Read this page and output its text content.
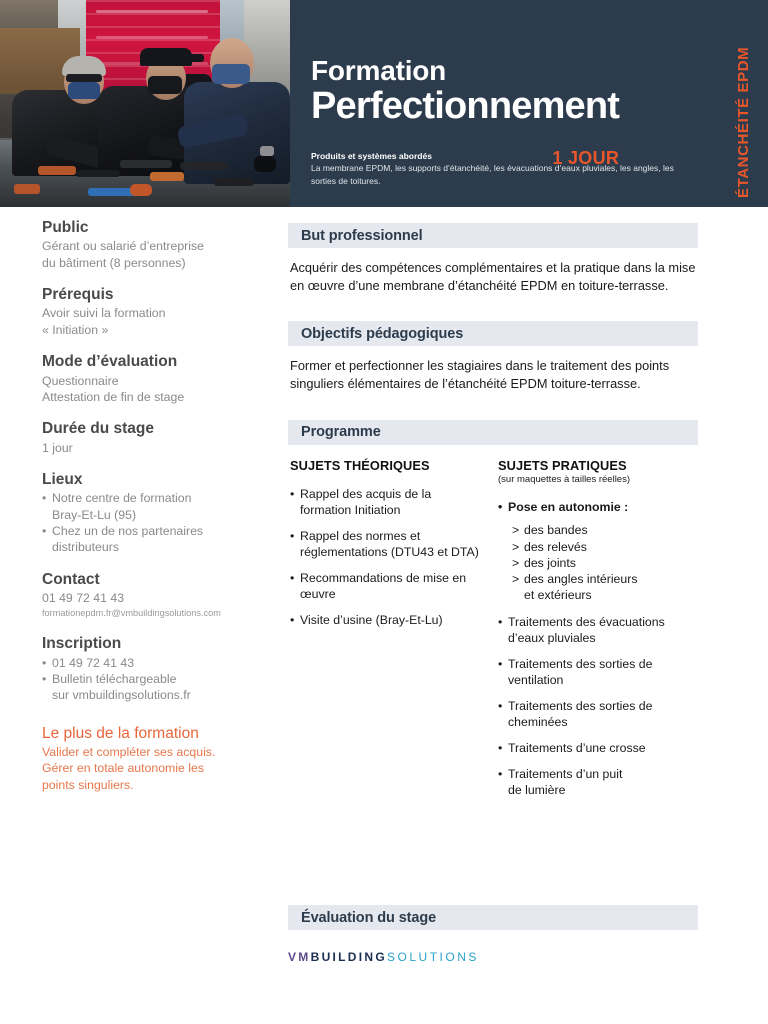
Formation
Perfectionnement
1 JOUR
Produits et systèmes abordés
La membrane EPDM, les supports d’étanchéité, les évacuations d’eaux pluviales, les angles, les sorties de toitures.	ÉTANCHÉITÉ EPDM
Public
Gérant ou salarié d’entreprise
du bâtiment (8 personnes)
Prérequis
Avoir suivi la formation
« Initiation »
Mode d’évaluation
Questionnaire
Attestation de fin de stage
Durée du stage
1 jour
Lieux
• Notre centre de formation
Bray-Et-Lu (95)
• Chez un de nos partenaires
distributeurs
Contact
01 49 72 41 43
formationepdm.fr@vmbuildingsolutions.com
Inscription
• 01 49 72 41 43
• Bulletin téléchargeable
sur vmbuildingsolutions.fr
Le plus de la formation
Valider et compléter ses acquis.
Gérer en totale autonomie les
points singuliers.
But professionnel
Acquérir des compétences complémentaires et la pratique dans la mise en œuvre d’une membrane d’étanchéité EPDM en toiture-terrasse.
Objectifs pédagogiques
Former et perfectionner les stagiaires dans le traitement des points singuliers élémentaires de l’étanchéité EPDM toiture-terrasse.
Programme
SUJETS THÉORIQUES
• Rappel des acquis de la
formation Initiation
• Rappel des normes et
réglementations (DTU43 et DTA)
• Recommandations de mise en
œuvre
• Visite d’usine (Bray-Et-Lu)
SUJETS PRATIQUES
(sur maquettes à tailles réelles)
• Pose en autonomie :
> des bandes
> des relevés
> des joints
> des angles intérieurs
et extérieurs
• Traitements des évacuations
d’eaux pluviales
• Traitements des sorties de
ventilation
• Traitements des sorties de
cheminées
• Traitements d’une crosse
• Traitements d’un puit
de lumière
Évaluation du stage
VM BUILDING SOLUTIONS
